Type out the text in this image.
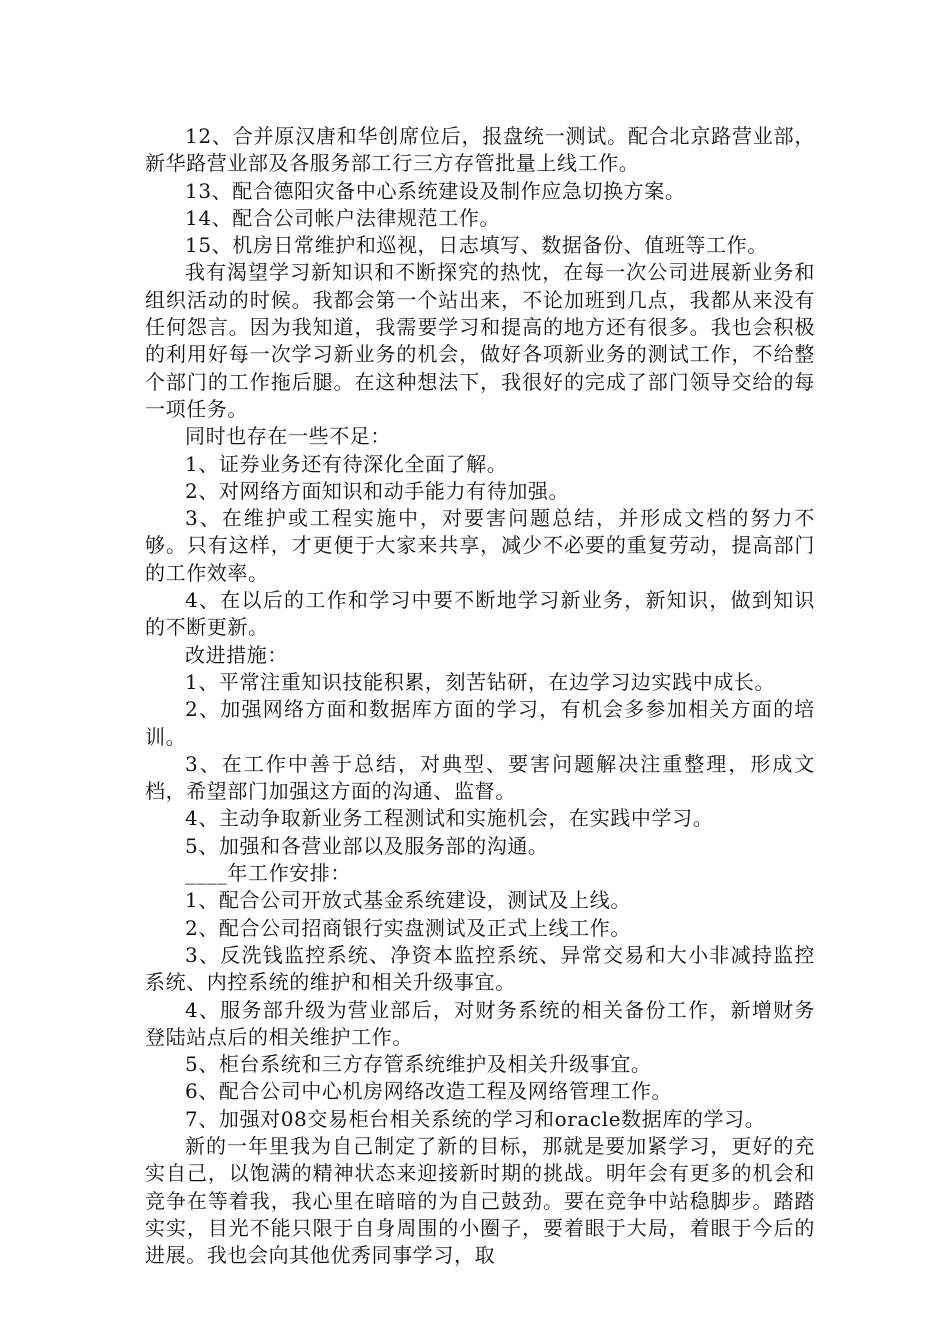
12、合并原汉唐和华创席位后，报盘统一测试。配合北京路营业部，新华路营业部及各服务部工行三方存管批量上线工作。

13、配合德阳灾备中心系统建设及制作应急切换方案。

14、配合公司帐户法律规范工作。

15、机房日常维护和巡视，日志填写、数据备份、值班等工作。

我有渴望学习新知识和不断探究的热忱，在每一次公司进展新业务和组织活动的时候。我都会第一个站出来，不论加班到几点，我都从来没有任何怨言。因为我知道，我需要学习和提高的地方还有很多。我也会积极的利用好每一次学习新业务的机会，做好各项新业务的测试工作，不给整个部门的工作拖后腿。在这种想法下，我很好的完成了部门领导交给的每一项任务。

同时也存在一些不足：

1、证券业务还有待深化全面了解。

2、对网络方面知识和动手能力有待加强。

3、在维护或工程实施中，对要害问题总结，并形成文档的努力不够。只有这样，才更便于大家来共享，减少不必要的重复劳动，提高部门的工作效率。

4、在以后的工作和学习中要不断地学习新业务，新知识，做到知识的不断更新。

改进措施：

1、平常注重知识技能积累，刻苦钻研，在边学习边实践中成长。

2、加强网络方面和数据库方面的学习，有机会多参加相关方面的培训。

3、在工作中善于总结，对典型、要害问题解决注重整理，形成文档，希望部门加强这方面的沟通、监督。

4、主动争取新业务工程测试和实施机会，在实践中学习。

5、加强和各营业部以及服务部的沟通。

____年工作安排：

1、配合公司开放式基金系统建设，测试及上线。

2、配合公司招商银行实盘测试及正式上线工作。

3、反洗钱监控系统、净资本监控系统、异常交易和大小非减持监控系统、内控系统的维护和相关升级事宜。

4、服务部升级为营业部后，对财务系统的相关备份工作，新增财务登陆站点后的相关维护工作。

5、柜台系统和三方存管系统维护及相关升级事宜。

6、配合公司中心机房网络改造工程及网络管理工作。

7、加强对08交易柜台相关系统的学习和oracle数据库的学习。

新的一年里我为自己制定了新的目标，那就是要加紧学习，更好的充实自己，以饱满的精神状态来迎接新时期的挑战。明年会有更多的机会和竞争在等着我，我心里在暗暗的为自己鼓劲。要在竞争中站稳脚步。踏踏实实，目光不能只限于自身周围的小圈子，要着眼于大局，着眼于今后的进展。我也会向其他优秀同事学习，取
